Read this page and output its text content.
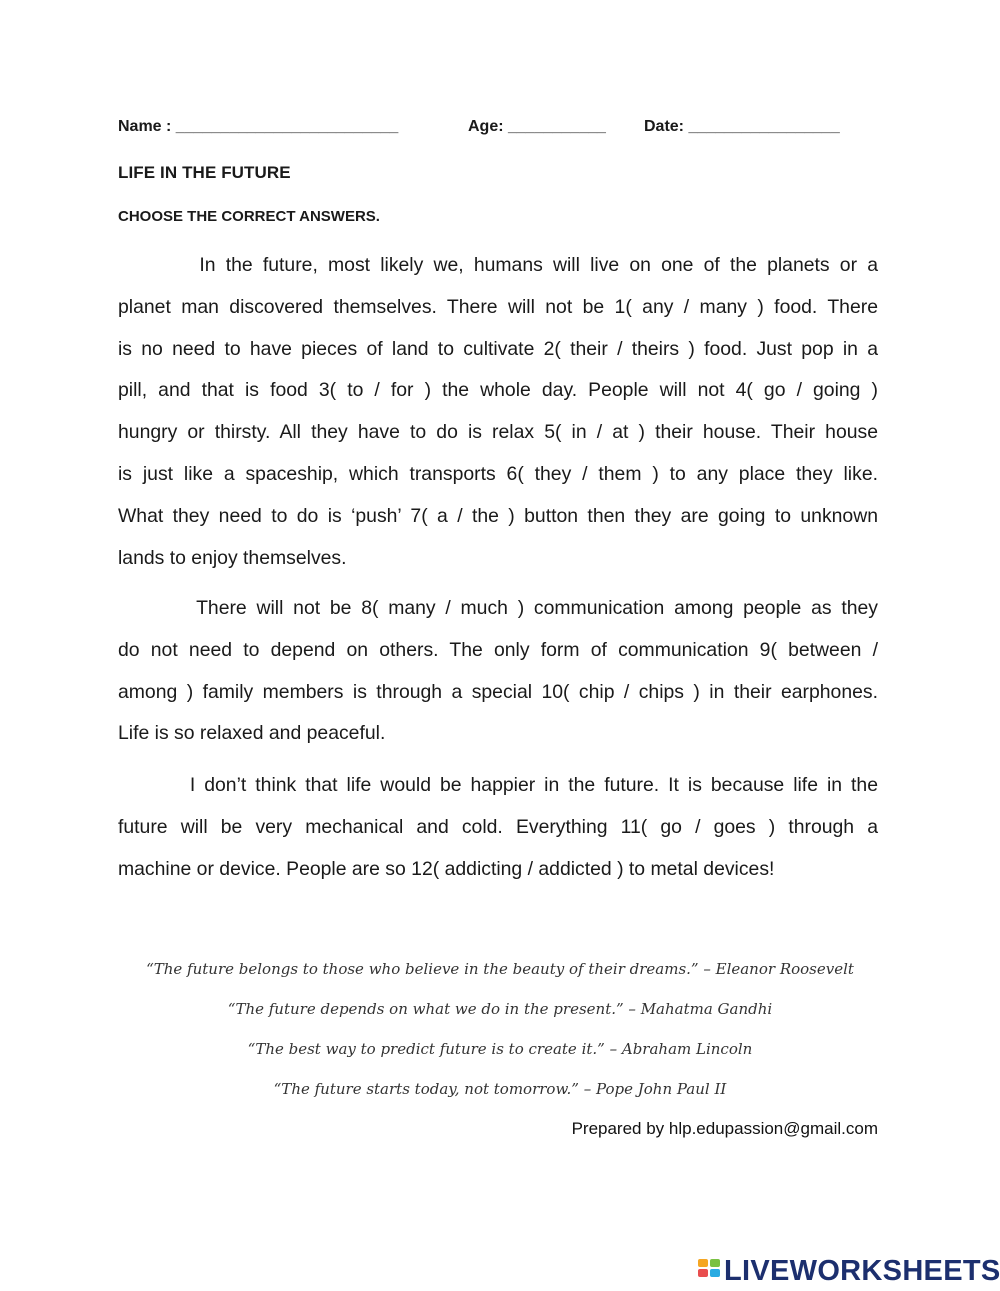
Name : _________________________	Age: ___________ Date: _________________
LIFE IN THE FUTURE
CHOOSE THE CORRECT ANSWERS.
In the future, most likely we, humans will live on one of the planets or a
planet man discovered themselves. There will not be 1( any / many ) food. There
is no need to have pieces of land to cultivate 2( their / theirs ) food. Just pop in a
pill, and that is food 3( to / for ) the whole day. People will not 4( go / going )
hungry or thirsty. All they have to do is relax 5( in / at ) their house. Their house
is just like a spaceship, which transports 6( they / them ) to any place they like.
What they need to do is ‘push’ 7( a / the ) button then they are going to unknown
lands to enjoy themselves.
There will not be 8( many / much ) communication among people as they
do not need to depend on others. The only form of communication 9( between /
among ) family members is through a special 10( chip / chips ) in their earphones.
Life is so relaxed and peaceful.
I don’t think that life would be happier in the future. It is because life in the
future will be very mechanical and cold. Everything 11( go / goes ) through a
machine or device. People are so 12( addicting / addicted ) to metal devices!
“The future belongs to those who believe in the beauty of their dreams.” – Eleanor Roosevelt
“The future depends on what we do in the present.” – Mahatma Gandhi
“The best way to predict future is to create it.” – Abraham Lincoln
“The future starts today, not tomorrow.” – Pope John Paul II
Prepared by hlp.edupassion@gmail.com
LIVEWORKSHEETS
